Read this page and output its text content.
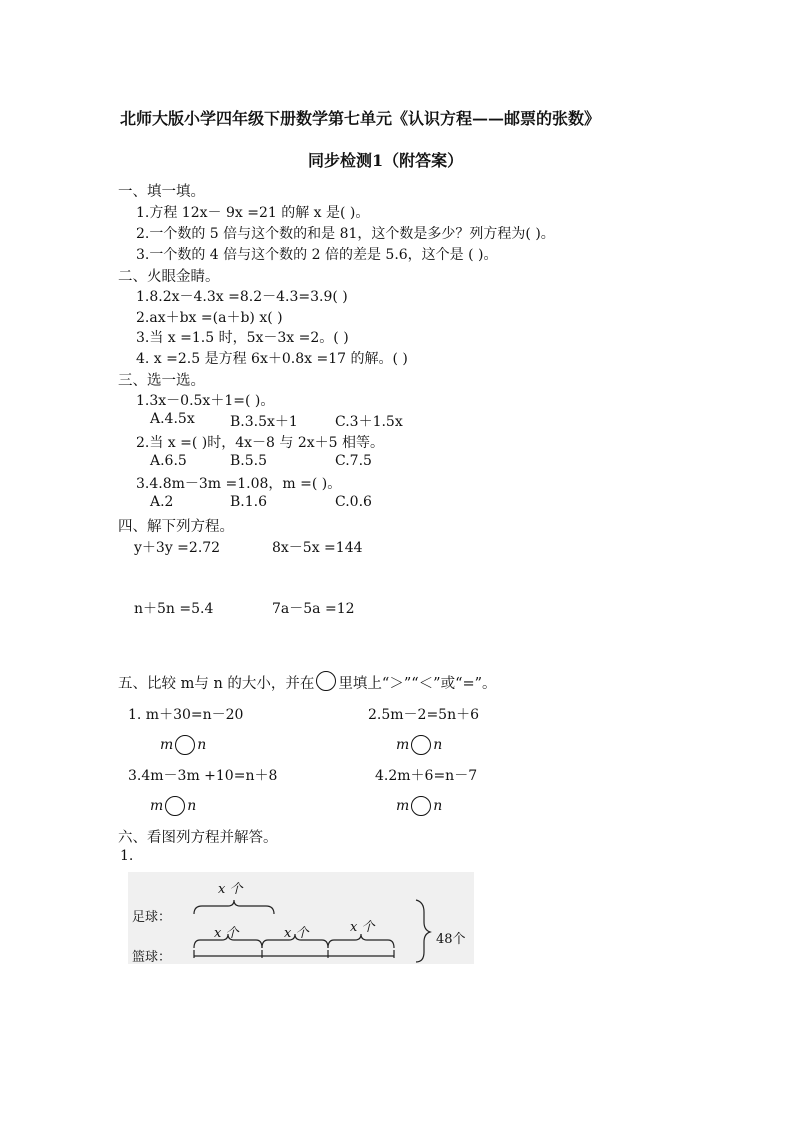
北师大版小学四年级下册数学第七单元《认识方程——邮票的张数》
同步检测1（附答案）
一、填一填。
1.方程 12x－ 9x =21 的解 x 是( )。
2.一个数的 5 倍与这个数的和是 81，这个数是多少？列方程为( )。
3.一个数的 4 倍与这个数的 2 倍的差是 5.6，这个是 ( )。
二、火眼金睛。
1.8.2x－4.3x =8.2－4.3=3.9( )
2.ax＋bx =(a＋b) x( )
3.当 x =1.5 时，5x－3x =2。( )
4. x =2.5 是方程 6x＋0.8x =17 的解。( )
三、选一选。
1.3x－0.5x＋1=( )。
A.4.5x	B.3.5x＋1	C.3＋1.5x
2.当 x =( )时，4x－8 与 2x＋5 相等。
A.6.5	B.5.5	C.7.5
3.4.8m－3m =1.08，m =( )。
A.2	B.1.6	C.0.6
四、解下列方程。
y＋3y =2.72	8x－5x =144
n＋5n =5.4	7a－5a =12
五、比较 m与 n 的大小，并在 里填上“＞”“＜”或“=”。
1. m＋30=n－20	2.5m－2=5n＋6
m n	m n
3.4m－3m +10=n＋8	4.2m＋6=n－7
m n	m n
六、看图列方程并解答。
1.
x 个
足球：
x 个	x 个	x 个
篮球：
48个
